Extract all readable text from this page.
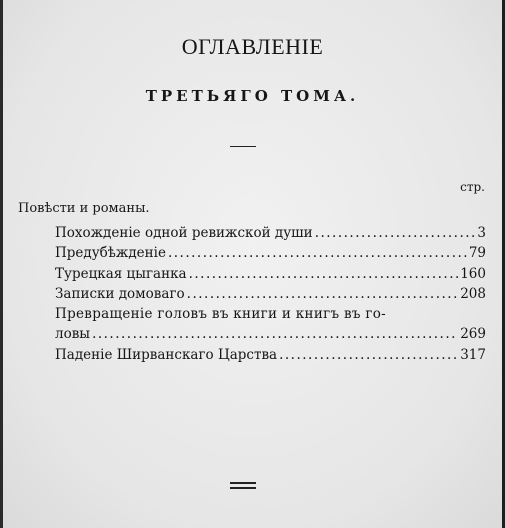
ОГЛАВЛЕНІЕ
ТРЕТЬЯГО ТОМА.
стр.
Повѣсти и романы.
Похожденіе одной ревижской души .....	3
Предубѣжденіе .....	79
Турецкая цыганка .....	160
Записки домоваго .....	208
Превращеніе головъ въ книги и книгъ въ го-
ловы .....	269
Паденіе Ширванскаго Царства .....	317
